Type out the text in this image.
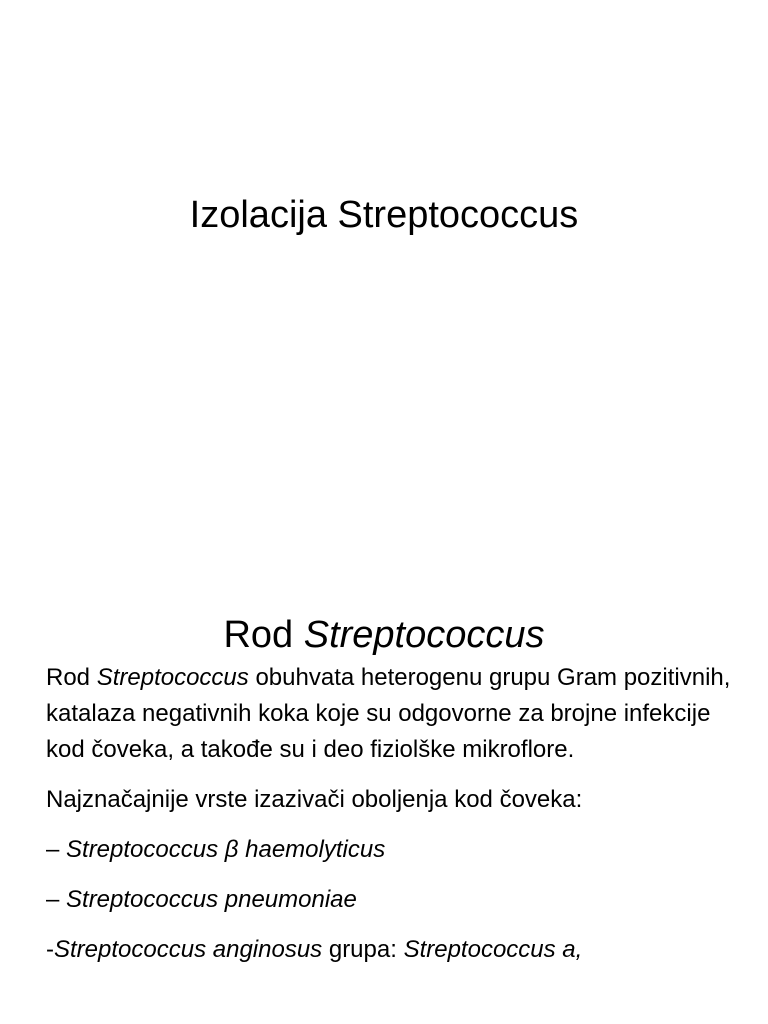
Izolacija Streptococcus
Rod Streptococcus

Rod Streptococcus obuhvata heterogenu grupu Gram pozitivnih, katalaza negativnih koka koje su odgovorne za brojne infekcije kod čoveka, a takođe su i deo fiziolške mikroflore.

Najznačajnije vrste izazivači oboljenja kod čoveka:

– Streptococcus β haemolyticus

– Streptococcus pneumoniae

-Streptococcus anginosus grupa: Streptococcus a,
